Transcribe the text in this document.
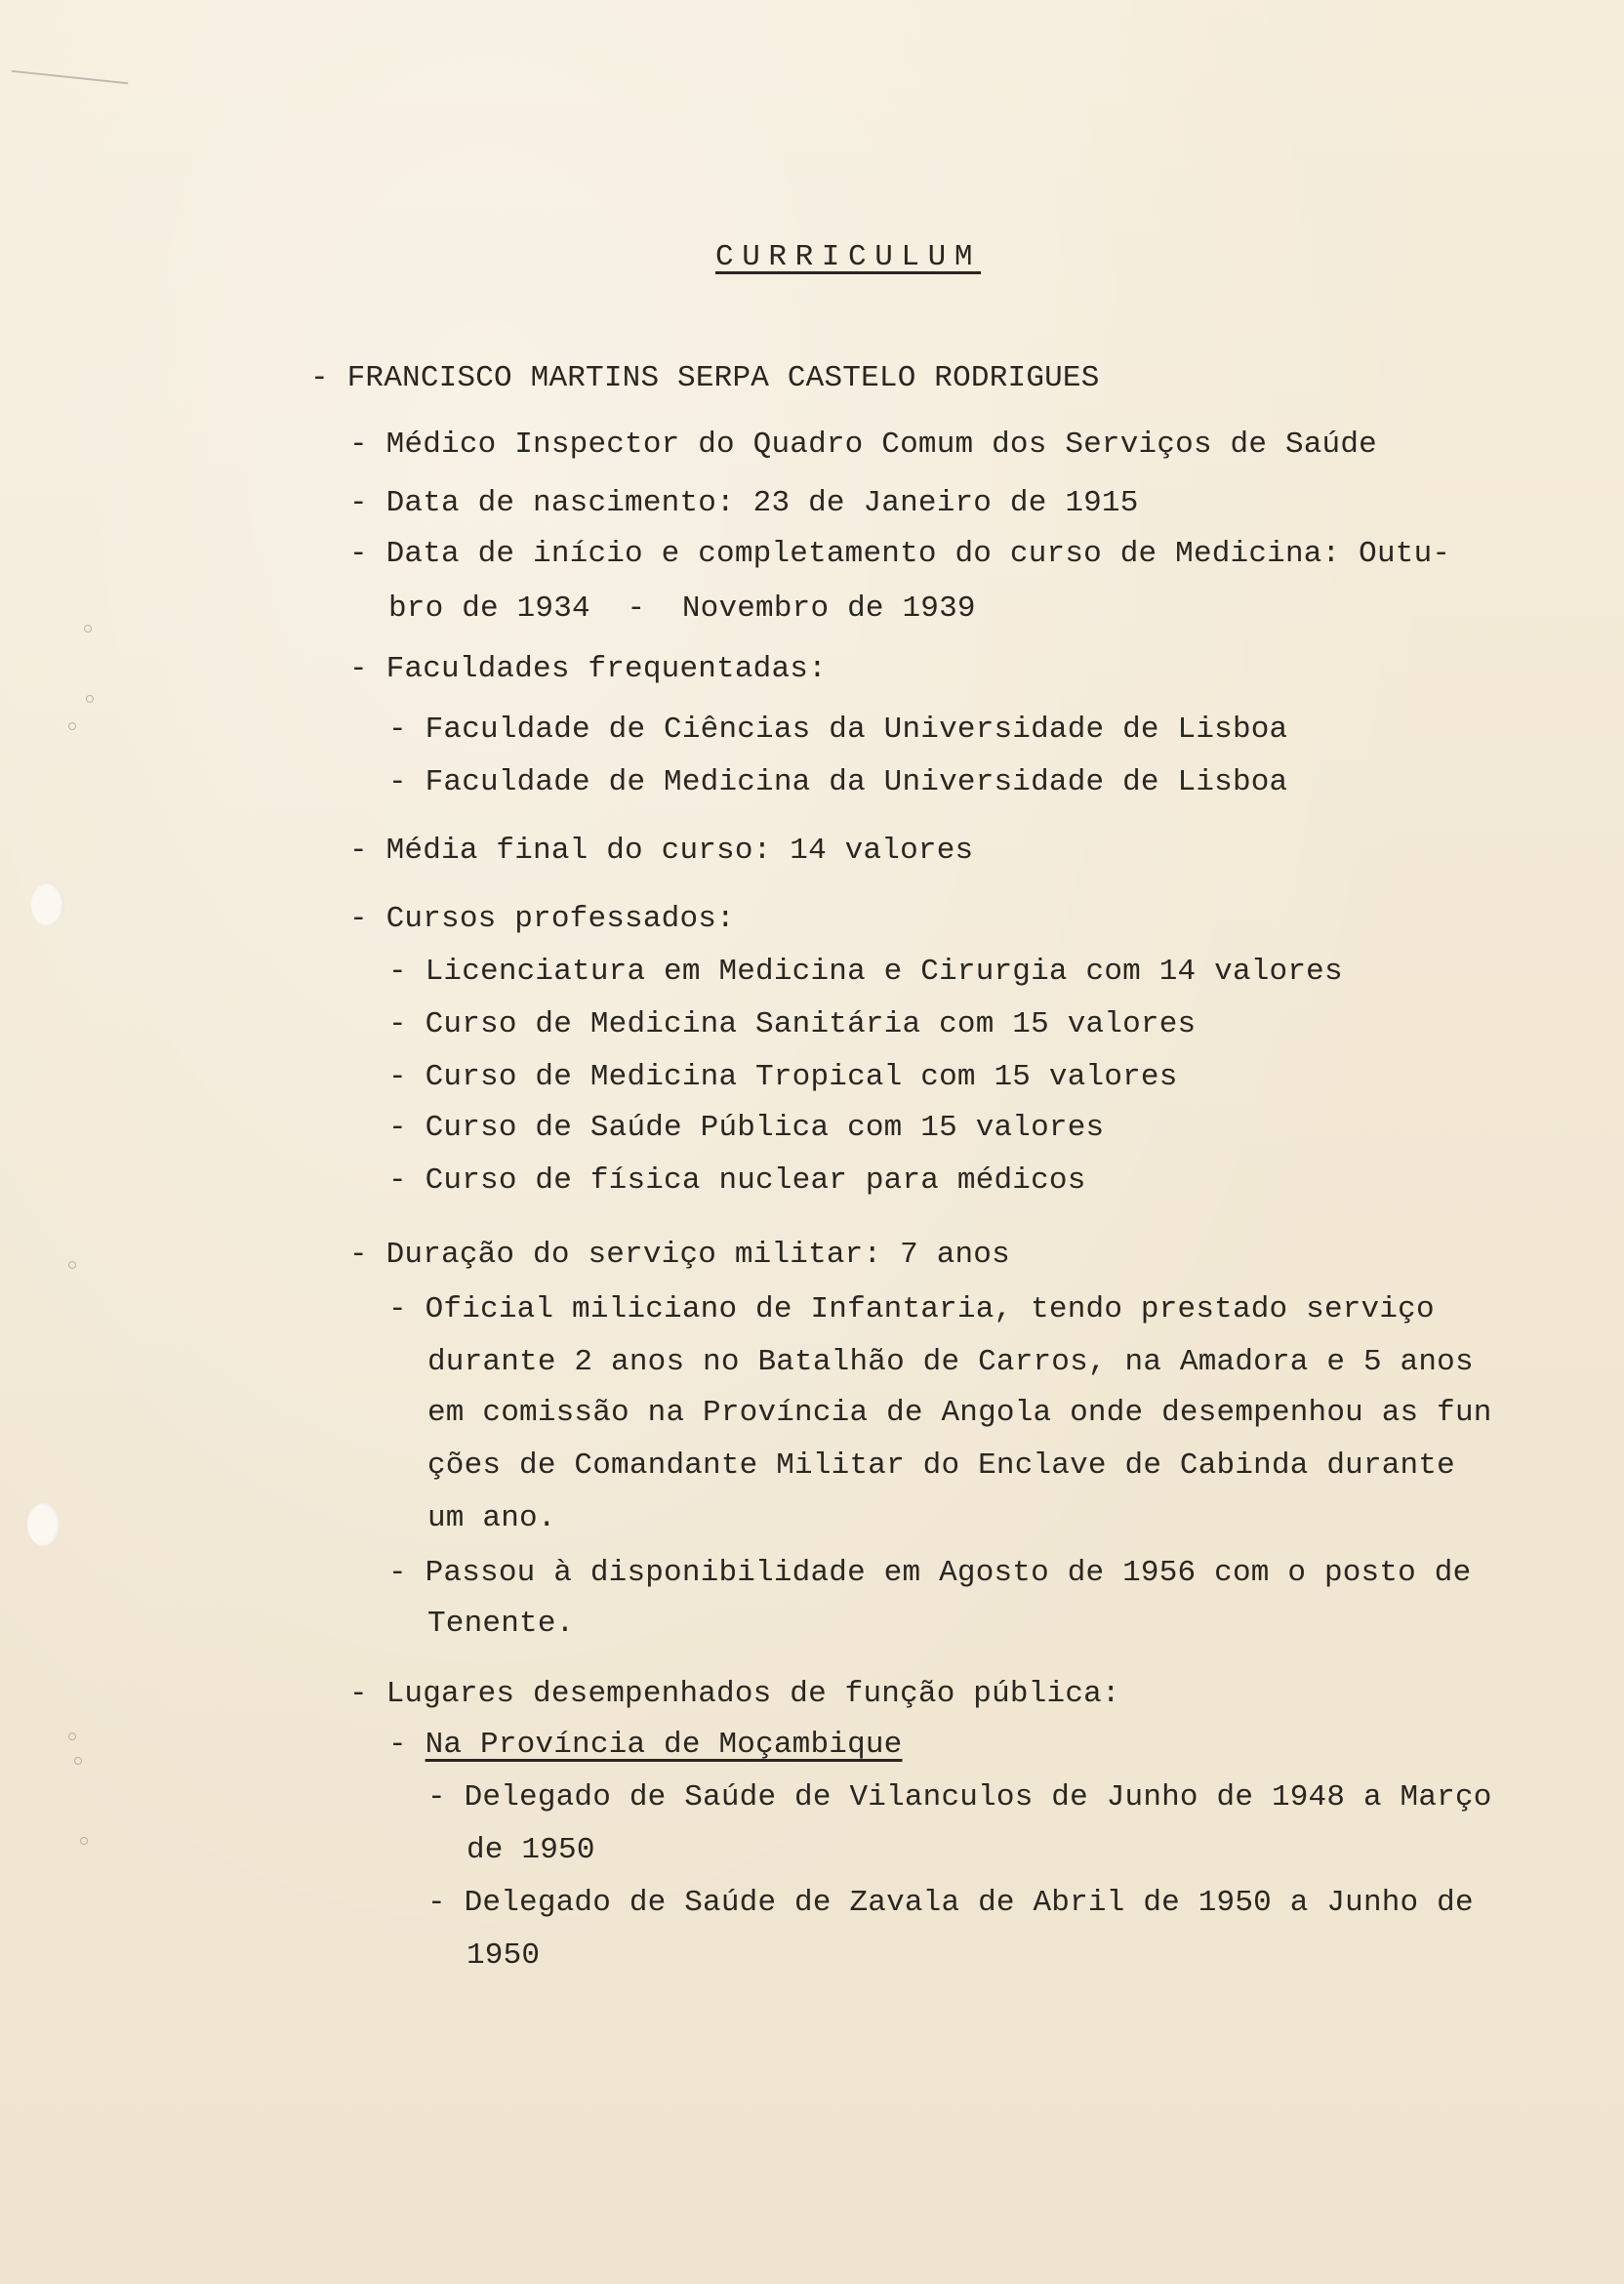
CURRICULUM
- FRANCISCO MARTINS SERPA CASTELO RODRIGUES
- Médico Inspector do Quadro Comum dos Serviços de Saúde
- Data de nascimento: 23 de Janeiro de 1915
- Data de início e completamento do curso de Medicina: Outu-
bro de 1934  -  Novembro de 1939
- Faculdades frequentadas:
- Faculdade de Ciências da Universidade de Lisboa
- Faculdade de Medicina da Universidade de Lisboa
- Média final do curso: 14 valores
- Cursos professados:
- Licenciatura em Medicina e Cirurgia com 14 valores
- Curso de Medicina Sanitária com 15 valores
- Curso de Medicina Tropical com 15 valores
- Curso de Saúde Pública com 15 valores
- Curso de física nuclear para médicos
- Duração do serviço militar: 7 anos
- Oficial miliciano de Infantaria, tendo prestado serviço
durante 2 anos no Batalhão de Carros, na Amadora e 5 anos
em comissão na Província de Angola onde desempenhou as fun
ções de Comandante Militar do Enclave de Cabinda durante
um ano.
- Passou à disponibilidade em Agosto de 1956 com o posto de
Tenente.
- Lugares desempenhados de função pública:
- Na Província de Moçambique
- Delegado de Saúde de Vilanculos de Junho de 1948 a Março
de 1950
- Delegado de Saúde de Zavala de Abril de 1950 a Junho de
1950
